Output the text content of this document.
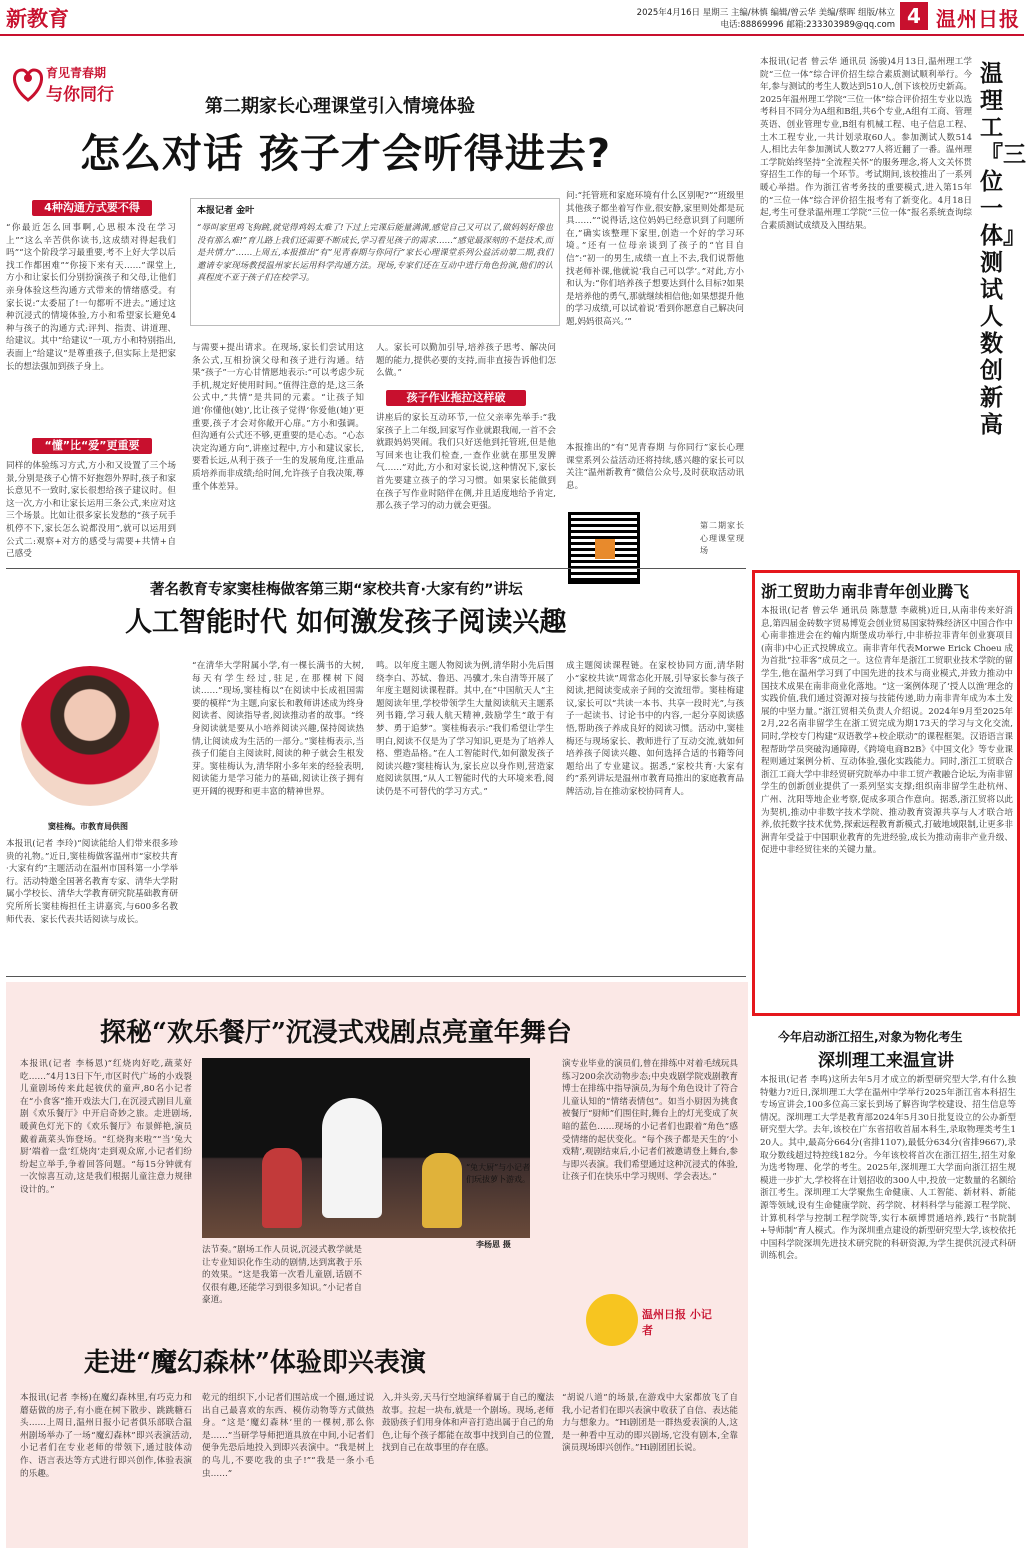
新教育	2025年4月16日 星期三 主编/林慎 编辑/曾云华 美编/蔡晖 组版/林立
电话:88869996 邮箱:233303989@qq.com 4 温州日报
育见青春期
与你同行
第二期家长心理课堂引入情境体验
怎么对话 孩子才会听得进去?
本报记者 金叶
“辱叫家里鸡飞狗跳,就觉得鸡妈太难了!下过上完课后能量满满,感觉自己又可以了,做妈妈好像也没有那么难!”育儿路上我们还需要不断成长,学习看见孩子的需求……“感觉最深刻的不是技术,而是共情力”……上周五,本报推出“有”见青春期与你同行”家长心理课堂系列公益活动第二期,我们邀请专家现场教授温州家长运用科学沟通方法。现场,专家们还在互动中进行角色扮演,他们的认真程度不亚于孩子们在校学习。
4种沟通方式要不得
“你最近怎么回事啊,心思根本没在学习上”“这么辛苦供你读书,这成绩对得起我们吗”“这个阶段学习最重要,考不上好大学以后找工作都困难”“你接下来有天……”课堂上,方小和让家长们分别扮演孩子和父母,让他们亲身体验这些沟通方式带来的情绪感受。有家长说:“太委屈了!一句都听不进去。”通过这种沉浸式的情境体验,方小和希望家长避免4种与孩子的沟通方式:评判、指责、讲道理、给建议。其中“给建议”一项,方小和特别指出,表面上“给建议”是尊重孩子,但实际上是把家长的想法强加到孩子身上。
“懂”比“爱”更重要
同样的体验练习方式,方小和又设置了三个场景,分别是孩子心情不好抱怨外界时,孩子和家长意见不一致时,家长很想给孩子建议时。但这一次,方小和让家长运用三条公式,来应对这三个场景。比如让很多家长发愁的“孩子玩手机停不下,家长怎么说都没用”,就可以运用到公式二:观察+对方的感受与需要+共情+自己感受
与需要+提出请求。在现场,家长们尝试用这条公式,互相扮演父母和孩子进行沟通。结果“孩子”一方心甘情愿地表示:“可以考虑少玩手机,规定好使用时间。”值得注意的是,这三条公式中,“共情”是共同的元素。“让孩子知道‘你懂他(她)’,比让孩子觉得‘你爱他(她)’更重要,孩子才会对你敞开心扉。”方小和强调。但沟通有公式还不够,更重要的是心态。“心态决定沟通方向”,讲座过程中,方小和建议家长,要看长远,从利于孩子一生的发展角度,注重品质培养而非成绩;给时间,允许孩子自我决策,尊重个体差异。
人。家长可以勤加引导,培养孩子思考、解决问题的能力,提供必要的支持,而非直接告诉他们怎么做。”
孩子作业拖拉这样破
讲座后的家长互动环节,一位父亲率先举手:“我家孩子上二年级,回家写作业就跟我闹,一首不会就跟妈妈哭闹。我们只好送他到托管班,但是他写回来也让我们检查,一查作业就在那里发脾气……”对此,方小和对家长说,这种情况下,家长首先要建立孩子的学习习惯。如果家长能做到在孩子写作业时陪伴在侧,并且适度地给予肯定,那么孩子学习的动力就会更强。
问:“托管班和家庭环境有什么区别呢?”“班级里其他孩子都坐着写作业,很安静,家里则处都是玩具……”“说得话,这位妈妈已经意识到了问题所在,”确实该整理下家里,创造一个好的学习环境。”还有一位母亲谈到了孩子的“官目自信”:“初一的男生,成绩一直上不去,我们说帮他找老师补课,他就说‘我自己可以学’。”对此,方小和认为:“你们培养孩子想要达到什么目标?如果是培养他的勇气,那就继续相信他;如果想提升他的学习成绩,可以试着说‘看到你愿意自己解决问题,妈妈很高兴。’”
本报推出的“有”见青春期 与你同行”家长心理课堂系列公益活动还将持续,感兴趣的家长可以关注“温州新教育”微信公众号,及时获取活动讯息。
第二期家长心理课堂现场
著名教育专家窦桂梅做客第三期“家校共育·大家有约”讲坛
人工智能时代 如何激发孩子阅读兴趣
窦桂梅。市教育局供图
本报讯(记者 李玲)“阅读能给人们带来很多珍贵的礼物。”近日,窦桂梅做客温州市“家校共育·大家有约”主题活动在温州市国科第一小学举行。活动特邀全国著名教育专家、清华大学附属小学校长、清华大学教育研究院基础教育研究所所长窦桂梅担任主讲嘉宾,与600多名教师代表、家长代表共话阅读与成长。
“在清华大学附属小学,有一棵长满书的大树,每天有学生经过,驻足,在那棵树下阅读……”现场,窦桂梅以“在阅读中长成祖国需要的模样”为主题,向家长和教师讲述成为终身阅读者、阅读指导者,阅读推动者的故事。“终身阅读就是要从小培养阅读兴趣,保持阅读热情,让阅读成为生活的一部分。”窦桂梅表示,当孩子们能自主阅读时,阅读的种子就会生根发芽。窦桂梅认为,清华附小多年来的经验表明,阅读能力是学习能力的基础,阅读让孩子拥有更开阔的视野和更丰富的精神世界。
鸣。以年度主题人物阅读为例,清华附小先后围绕李白、苏轼、鲁迅、冯骥才,朱自清等开展了年度主题阅读课程群。其中,在“中国航天人”主题阅读年里,学校带领学生大量阅读航天主题系列书籍,学习载人航天精神,鼓励学生“敢于有梦、勇于追梦”。窦桂梅表示:“我们希望让学生明白,阅读不仅是为了学习知识,更是为了培养人格、塑造品格。”在人工智能时代,如何激发孩子阅读兴趣?窦桂梅认为,家长应以身作则,营造家庭阅读氛围,“从人工智能时代的大环境来看,阅读仍是不可替代的学习方式。”
成主题阅读课程链。在家校协同方面,清华附小“家校共读”周常态化开展,引导家长参与孩子阅读,把阅读变成亲子间的交流纽带。窦桂梅建议,家长可以“共读一本书、共享一段时光”,与孩子一起读书、讨论书中的内容,一起分享阅读感悟,帮助孩子养成良好的阅读习惯。活动中,窦桂梅还与现场家长、教师进行了互动交流,就如何培养孩子阅读兴趣、如何选择合适的书籍等问题给出了专业建议。据悉,“家校共育·大家有约”系列讲坛是温州市教育局推出的家庭教育品牌活动,旨在推动家校协同育人。
探秘“欢乐餐厅”沉浸式戏剧点亮童年舞台
本报讯(记者 李杨恩)“红烧肉好吃,蔬菜好吃……”4月13日下午,市区时代广场的小戏裂儿童剧场传来此起彼伏的童声,80名小记者在“小食客”推开戏法大门,在沉浸式剧目儿童剧《欢乐餐厅》中开启奇妙之旅。走进剧场,暖黄色灯光下的《欢乐餐厅》布景鲜艳,演员戴着蔬菜头饰登场。“红烧狗来啦”“当‘兔大厨’端着一盘‘红烧肉’走到观众席,小记者们纷纷起立举手,争着回答问题。“每15分钟就有一次惊喜互动,这是我们根据儿童注意力规律设计的。”
“兔大厨”与小记者们玩拔萝卜游戏。
李杨恩 摄
法节奏。”剧场工作人员说,沉浸式教学就是让专业知识化作生动的剧情,达到寓教于乐的效果。“这是我第一次看儿童剧,话剧不仅很有趣,还能学习到很多知识。”小记者自豪道。
演专业毕业的演员们,曾在排练中对着毛绒玩具练习200余次动物步态;中央戏剧学院戏剧教育博士在排练中指导演员,为每个角色设计了符合儿童认知的“情绪表情包”。如当小厨因为挑食被餐厅“厨师”们围住时,舞台上的灯光变成了灰暗的蓝色……现场的小记者们也跟着“角色”感受情绪的起伏变化。“每个孩子都是天生的‘小戏精’,观剧结束后,小记者们被邀请登上舞台,参与即兴表演。我们希望通过这种沉浸式的体验,让孩子们在快乐中学习规则、学会表达。”
温州日报 小记者
走进“魔幻森林”体验即兴表演
本报讯(记者 李杨)在魔幻森林里,有巧克力和蘑菇做的房子,有小鹿在树下散步、跳跳糖石头……上周日,温州日报小记者俱乐部联合温州剧场举办了一场“魔幻森林”即兴表演活动,小记者们在专业老师的带领下,通过肢体动作、语言表达等方式进行即兴创作,体验表演的乐趣。
乾元的组织下,小记者们围站成一个圈,通过说出自己最喜欢的东西、模仿动物等方式做热身。“这是‘魔幻森林’里的一棵树,那么你是……”当研学导师把道具放在中间,小记者们便争先恐后地投入到即兴表演中。“我是树上的鸟儿,不要吃我的虫子!”“我是一条小毛虫……”
入,并头旁,天马行空地演绎着属于自己的魔法故事。拉起一块布,就是一个剧场。现场,老师鼓励孩子们用身体和声音打造出属于自己的角色,让每个孩子都能在故事中找到自己的位置,找到自己在故事里的存在感。
“胡说八道”的场景,在游戏中大家都放飞了自我,小记者们在即兴表演中收获了自信、表达能力与想象力。“Hi剧团是一群热爱表演的人,这是一种看中互动的即兴剧场,它没有剧本,全靠演员现场即兴创作。”Hi剧团团长说。
本报讯(记者 曾云华 通讯员 汤骏)4月13日,温州理工学院“三位一体”综合评价招生综合素质测试顺利举行。今年,参与测试的考生人数达到510人,创下该校历史新高。2025年温州理工学院“三位一体”综合评价招生专业以选考科目不同分为A组和B组,共6个专业,A组有工商、管理英语、创业管理专业,B组有机械工程、电子信息工程、土木工程专业,一共计划录取60人。参加测试人数514人,相比去年参加测试人数277人将近翻了一番。温州理工学院始终坚持“全流程关怀”的服务理念,将人文关怀贯穿招生工作的每一个环节。考试期间,该校推出了一系列暖心举措。作为浙江省考务技的重要模式,进入第15年的“三位一体”综合评价招生报考有了新变化。4月18日起,考生可登录温州理工学院“三位一体”报名系统查询综合素质测试成绩及入围结果。
温理工『三位一体』测试人数创新高
浙工贸助力南非青年创业腾飞
本报讯(记者 曾云华 通讯员 陈慧慧 李葳桃)近日,从南非传来好消息,第四届金砖数字贸易博览会创业贸易国家特殊经济区中国合作中心南非推进会在约翰内斯堡成功举行,中非桥拉菲青年创业赛项目(南非)中心正式投牌成立。南非青年代表Morwe Erick Choeu 成为首批“拉菲客”成员之一。这位青年是浙江工贸职业技术学院的留学生,他在温州学习到了中国先进的技术与商业模式,并致力推动中国技术成果在南非商业化落地。“这一案例体现了‘授人以渔’理念的实践价值,我们通过资源对接与技能传递,助力南非青年成为本土发展的中坚力量。”浙江贸相关负责人介绍说。2024年9月至2025年2月,22名南非留学生在浙工贸完成为期173天的学习与文化交流,同时,学校专门构建“双语教学+校企联动”的课程框架。汉语语言课程帮助学员突破沟通障碍,《跨境电商B2B》《中国文化》等专业课程则通过案例分析、互动体验,强化实践能力。同时,浙江工贸联合浙江工商大学中非经贸研究院举办中非工贸产教融合论坛,为南非留学生的创新创业提供了一系列坚实支撑;组织南非留学生赴杭州、广州、沈阳等地企业考察,促成多项合作意向。据悉,浙江贸将以此为契机,推动中非数字技术学院、推动教育资源共享与人才联合培养,依托数字技术优势,探索远程教育新模式,打破地域限制,让更多非洲青年受益于中国职业教育的先进经验,成长为推动南非产业升级、促进中非经贸往来的关键力量。
今年启动浙江招生,对象为物化考生
深圳理工来温宣讲
本报讯(记者 李鸣)这所去年5月才成立的新型研究型大学,有什么独特魅力?近日,深圳理工大学在温州中学举行2025年浙江省本科招生专场宣讲会,100多位高三家长到场了解咨询学校建设、招生信息等情况。深圳理工大学是教育部2024年5月30日批复设立的公办新型研究型大学。去年,该校在广东省招收首届本科生,录取物理类考生120人。其中,最高分664分(省排1107),最低分634分(省排9667),录取分数线超过特控线182分。今年该校将首次在浙江招生,招生对象为选考物理、化学的考生。2025年,深圳理工大学面向浙江招生规模进一步扩大,学校将在计划招收的300人中,投放一定数量的名额给浙江考生。深圳理工大学聚焦生命健康、人工智能、新材料、新能源等领域,设有生命健康学院、药学院、材料科学与能源工程学院、计算机科学与控制工程学院等,实行本硕博贯通培养,践行“书院制+导师制”育人模式。作为深圳重点建设的新型研究型大学,该校依托中国科学院深圳先进技术研究院的科研资源,为学生提供沉浸式科研训练机会。
